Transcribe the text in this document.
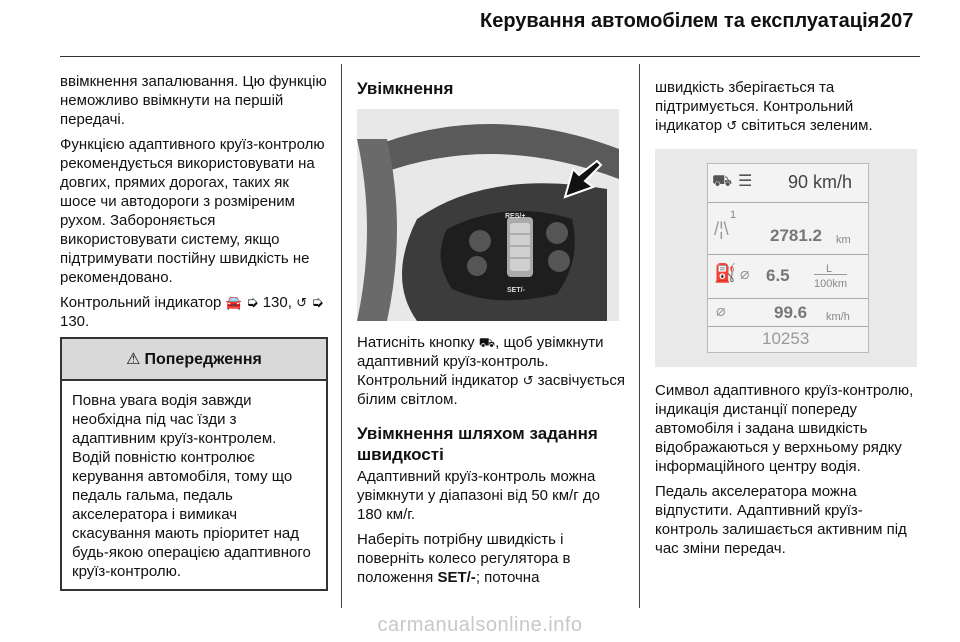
Керування автомобілем та експлуатація 207

ввімкнення запалювання. Цю функцію неможливо ввімкнути на першій передачі.

Функцією адаптивного круїз-контролю рекомендується використовувати на довгих, прямих дорогах, таких як шосе чи автодороги з розміреним рухом. Забороняється використовувати систему, якщо підтримувати постійну швидкість не рекомендовано.

Контрольний індикатор 🚘 ➭ 130, ↺ ➭ 130.

⚠ Попередження
Повна увага водія завжди необхідна під час їзди з адаптивним круїз-контролем. Водій повністю контролює керування автомобіля, тому що педаль гальма, педаль акселератора і вимикач скасування мають пріоритет над будь-якою операцією адаптивного круїз-контролю.
Увімкнення
RES/+
SET/-

Натисніть кнопку ⛟, щоб увімкнути адаптивний круїз-контроль. Контрольний індикатор ↺ засвічується білим світлом.

Увімкнення шляхом задання швидкості

Адаптивний круїз-контроль можна увімкнути у діапазоні від 50 км/г до 180 км/г.

Наберіть потрібну швидкість і поверніть колесо регулятора в положення SET/-; поточна

швидкість зберігається та підтримується. Контрольний індикатор ↺ світиться зеленим.

⛟ ☰ 90 km/h
1
/¦\ 2781.2 km
⛽ ⌀ 6.5	L
100km
⌀	99.6 km/h
10253

Символ адаптивного круїз-контролю, індикація дистанції попереду автомобіля і задана швидкість відображаються у верхньому рядку інформаційного центру водія.

Педаль акселератора можна відпустити. Адаптивний круїз-контроль залишається активним під час зміни передач.

carmanualsonline.info
